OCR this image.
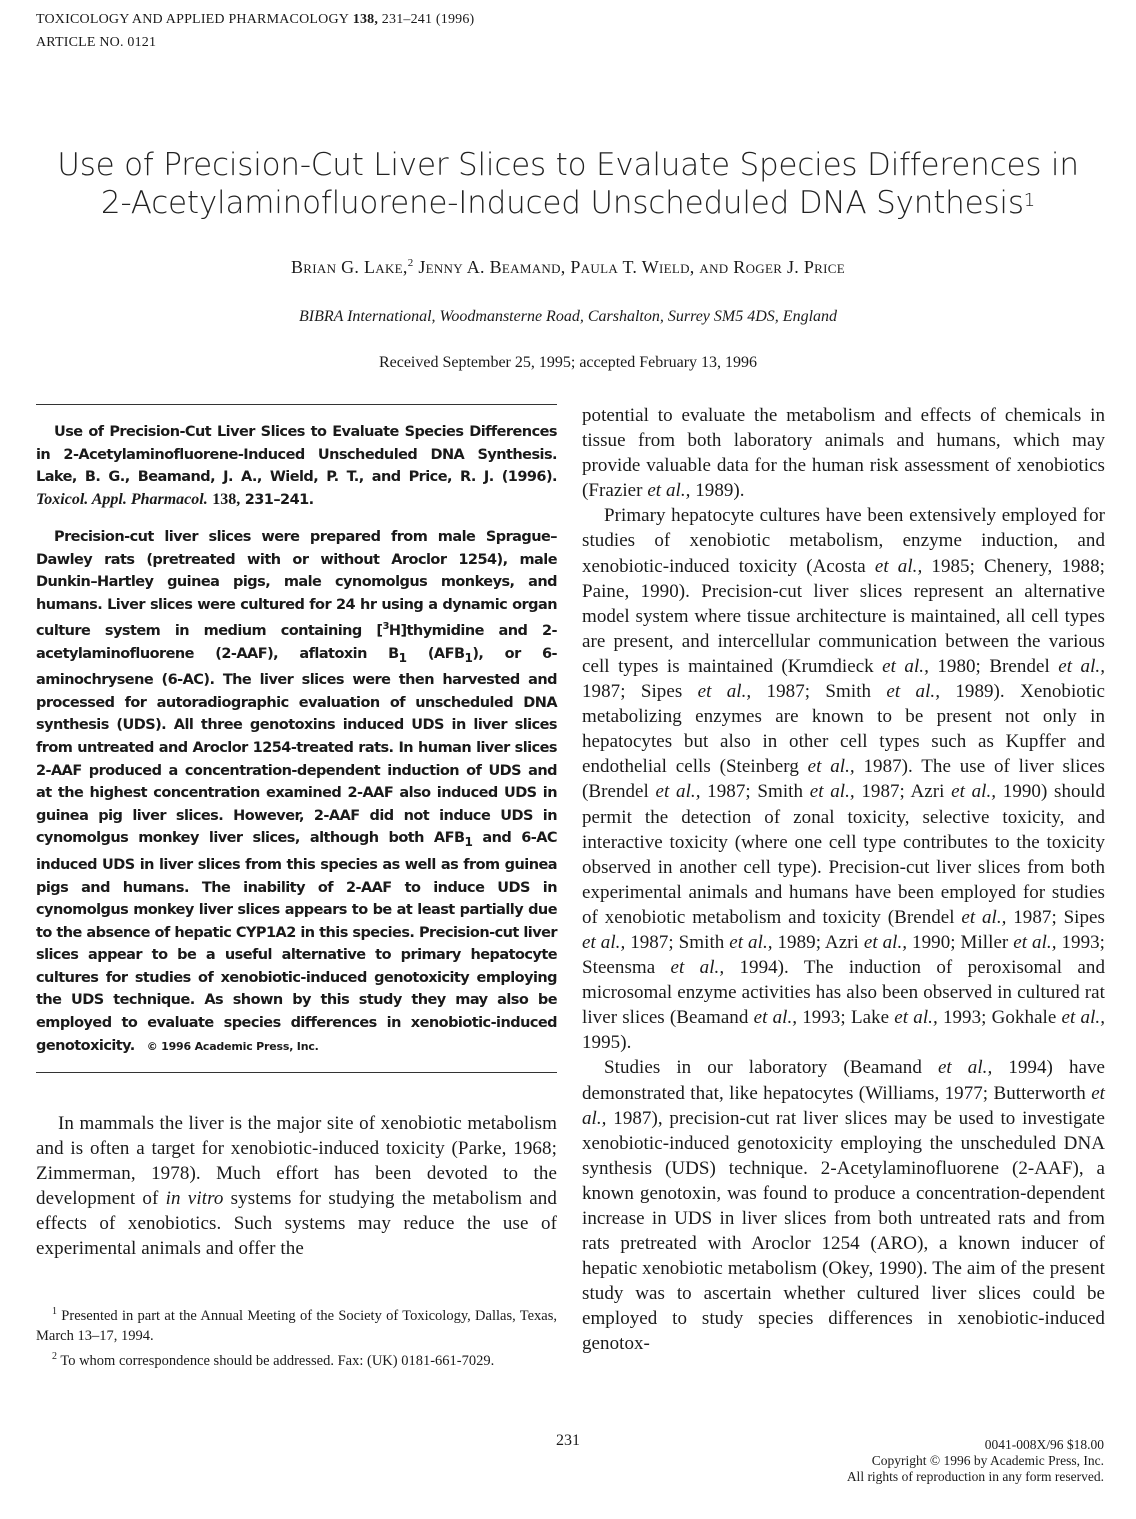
TOXICOLOGY AND APPLIED PHARMACOLOGY 138, 231–241 (1996)
ARTICLE NO. 0121
Use of Precision-Cut Liver Slices to Evaluate Species Differences in
2-Acetylaminofluorene-Induced Unscheduled DNA Synthesis$^1$
Brian G. Lake,$^2$ Jenny A. Beamand, Paula T. Wield, and Roger J. Price
BIBRA International, Woodmansterne Road, Carshalton, Surrey SM5 4DS, England
Received September 25, 1995; accepted February 13, 1996
Use of Precision-Cut Liver Slices to Evaluate Species Differences in 2-Acetylaminofluorene-Induced Unscheduled DNA Synthesis. Lake, B. G., Beamand, J. A., Wield, P. T., and Price, R. J. (1996). Toxicol. Appl. Pharmacol. 138, 231–241.
Precision-cut liver slices were prepared from male Sprague–Dawley rats (pretreated with or without Aroclor 1254), male Dunkin–Hartley guinea pigs, male cynomolgus monkeys, and humans. Liver slices were cultured for 24 hr using a dynamic organ culture system in medium containing [$^3$H]thymidine and 2-acetylaminofluorene (2-AAF), aflatoxin $B_1$ $(AFB_1)$, or 6-aminochrysene (6-AC). The liver slices were then harvested and processed for autoradiographic evaluation of unscheduled DNA synthesis (UDS). All three genotoxins induced UDS in liver slices from untreated and Aroclor 1254-treated rats. In human liver slices 2-AAF produced a concentration-dependent induction of UDS and at the highest concentration examined 2-AAF also induced UDS in guinea pig liver slices. However, 2-AAF did not induce UDS in cynomolgus monkey liver slices, although both $AFB_1$ and 6-AC induced UDS in liver slices from this species as well as from guinea pigs and humans. The inability of 2-AAF to induce UDS in cynomolgus monkey liver slices appears to be at least partially due to the absence of hepatic CYP1A2 in this species. Precision-cut liver slices appear to be a useful alternative to primary hepatocyte cultures for studies of xenobiotic-induced genotoxicity employing the UDS technique. As shown by this study they may also be employed to evaluate species differences in xenobiotic-induced genotoxicity. © 1996 Academic Press, Inc.
In mammals the liver is the major site of xenobiotic metabolism and is often a target for xenobiotic-induced toxicity (Parke, 1968; Zimmerman, 1978). Much effort has been devoted to the development of in vitro systems for studying the metabolism and effects of xenobiotics. Such systems may reduce the use of experimental animals and offer the

$^1$ Presented in part at the Annual Meeting of the Society of Toxicology, Dallas, Texas, March 13–17, 1994.

$^2$ To whom correspondence should be addressed. Fax: (UK) 0181-661-7029.

potential to evaluate the metabolism and effects of chemicals in tissue from both laboratory animals and humans, which may provide valuable data for the human risk assessment of xenobiotics (Frazier et al., 1989).

Primary hepatocyte cultures have been extensively employed for studies of xenobiotic metabolism, enzyme induction, and xenobiotic-induced toxicity (Acosta et al., 1985; Chenery, 1988; Paine, 1990). Precision-cut liver slices represent an alternative model system where tissue architecture is maintained, all cell types are present, and intercellular communication between the various cell types is maintained (Krumdieck et al., 1980; Brendel et al., 1987; Sipes et al., 1987; Smith et al., 1989). Xenobiotic metabolizing enzymes are known to be present not only in hepatocytes but also in other cell types such as Kupffer and endothelial cells (Steinberg et al., 1987). The use of liver slices (Brendel et al., 1987; Smith et al., 1987; Azri et al., 1990) should permit the detection of zonal toxicity, selective toxicity, and interactive toxicity (where one cell type contributes to the toxicity observed in another cell type). Precision-cut liver slices from both experimental animals and humans have been employed for studies of xenobiotic metabolism and toxicity (Brendel et al., 1987; Sipes et al., 1987; Smith et al., 1989; Azri et al., 1990; Miller et al., 1993; Steensma et al., 1994). The induction of peroxisomal and microsomal enzyme activities has also been observed in cultured rat liver slices (Beamand et al., 1993; Lake et al., 1993; Gokhale et al., 1995).

Studies in our laboratory (Beamand et al., 1994) have demonstrated that, like hepatocytes (Williams, 1977; Butterworth et al., 1987), precision-cut rat liver slices may be used to investigate xenobiotic-induced genotoxicity employing the unscheduled DNA synthesis (UDS) technique. 2-Acetylaminofluorene (2-AAF), a known genotoxin, was found to produce a concentration-dependent increase in UDS in liver slices from both untreated rats and from rats pretreated with Aroclor 1254 (ARO), a known inducer of hepatic xenobiotic metabolism (Okey, 1990). The aim of the present study was to ascertain whether cultured liver slices could be employed to study species differences in xenobiotic-induced genotox-

231	0041-008X/96 $18.00
Copyright © 1996 by Academic Press, Inc.
All rights of reproduction in any form reserved.
